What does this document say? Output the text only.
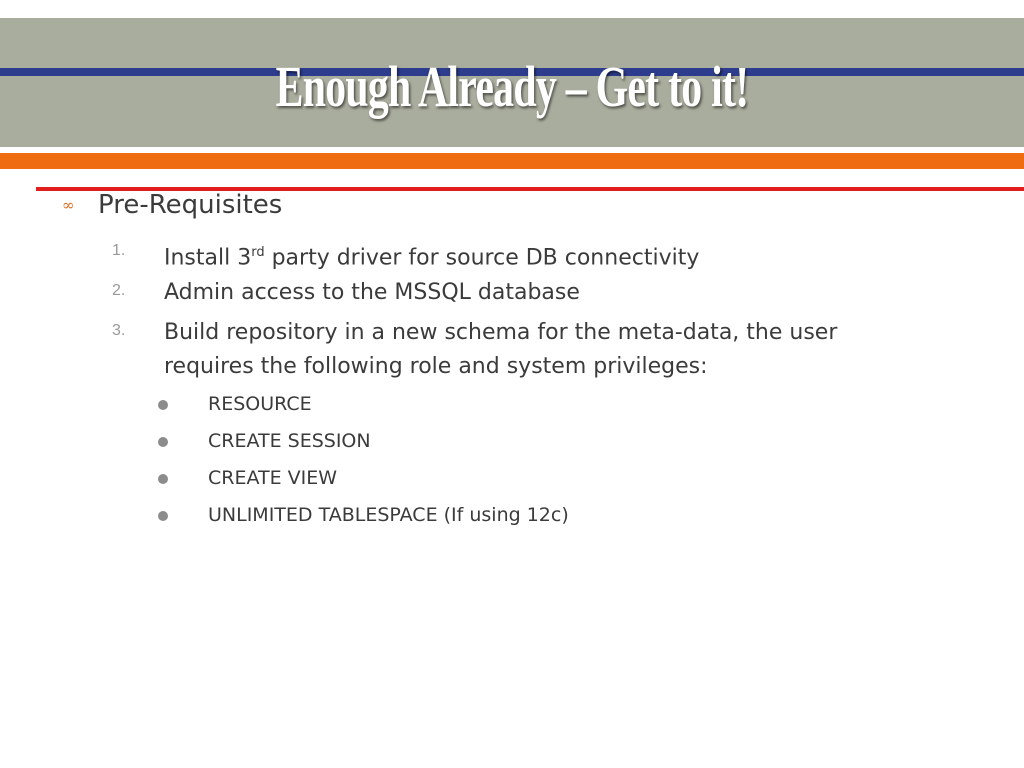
Enough Already – Get to it!
∞ Pre-Requisites
1.	Install 3rd party driver for source DB connectivity
2.	Admin access to the MSSQL database
3.	Build repository in a new schema for the meta-data, the user requires the following role and system privileges:
RESOURCE
CREATE SESSION
CREATE VIEW
UNLIMITED TABLESPACE (If using 12c)
